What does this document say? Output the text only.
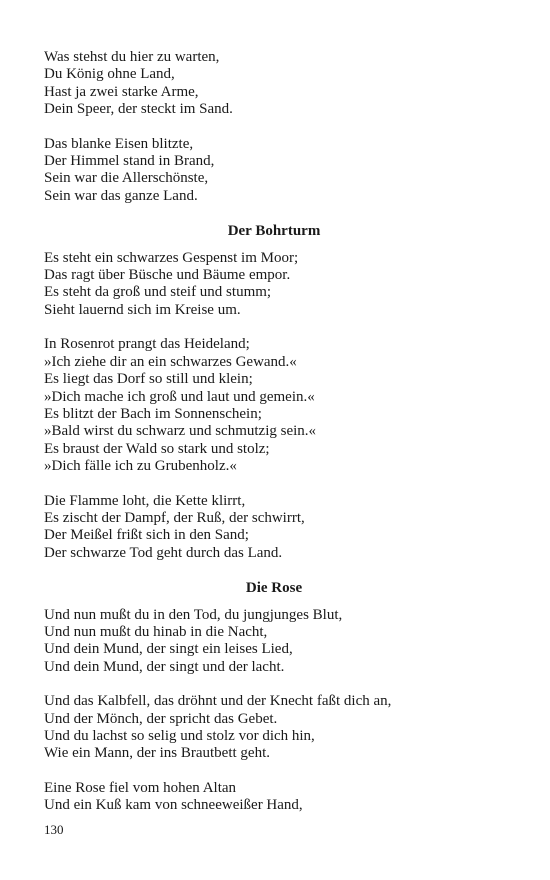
Was stehst du hier zu warten,
Du König ohne Land,
Hast ja zwei starke Arme,
Dein Speer, der steckt im Sand.
Das blanke Eisen blitzte,
Der Himmel stand in Brand,
Sein war die Allerschönste,
Sein war das ganze Land.
Der Bohrturm
Es steht ein schwarzes Gespenst im Moor;
Das ragt über Büsche und Bäume empor.
Es steht da groß und steif und stumm;
Sieht lauernd sich im Kreise um.
In Rosenrot prangt das Heideland;
»Ich ziehe dir an ein schwarzes Gewand.«
Es liegt das Dorf so still und klein;
»Dich mache ich groß und laut und gemein.«
Es blitzt der Bach im Sonnenschein;
»Bald wirst du schwarz und schmutzig sein.«
Es braust der Wald so stark und stolz;
»Dich fälle ich zu Grubenholz.«
Die Flamme loht, die Kette klirrt,
Es zischt der Dampf, der Ruß, der schwirrt,
Der Meißel frißt sich in den Sand;
Der schwarze Tod geht durch das Land.
Die Rose
Und nun mußt du in den Tod, du jungjunges Blut,
Und nun mußt du hinab in die Nacht,
Und dein Mund, der singt ein leises Lied,
Und dein Mund, der singt und der lacht.
Und das Kalbfell, das dröhnt und der Knecht faßt dich an,
Und der Mönch, der spricht das Gebet.
Und du lachst so selig und stolz vor dich hin,
Wie ein Mann, der ins Brautbett geht.
Eine Rose fiel vom hohen Altan
Und ein Kuß kam von schneeweißer Hand,
130
